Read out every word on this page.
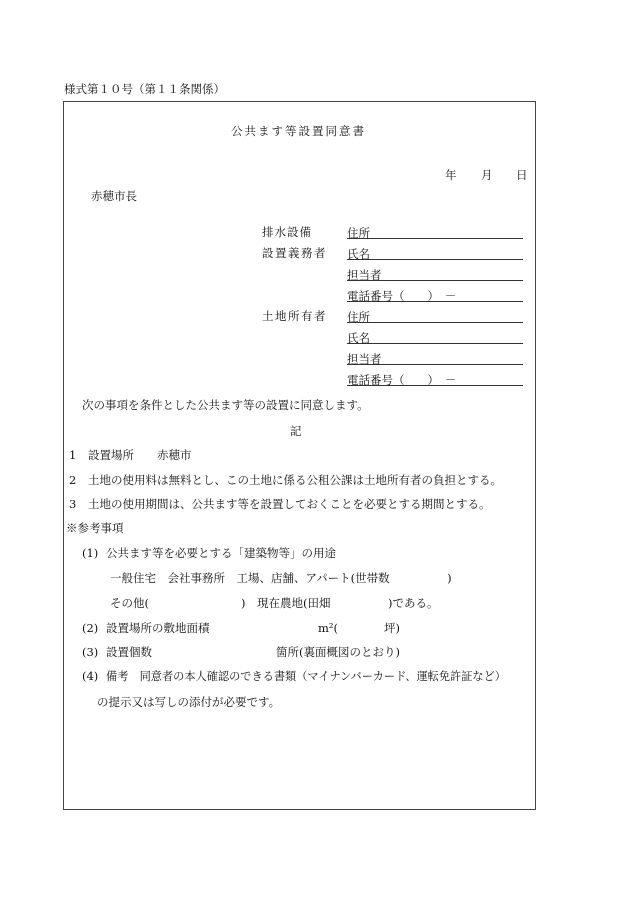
様式第１０号（第１１条関係）
公共ます等設置同意書
年 月 日
赤穂市長
排水設備
設置義務者
住所
氏名
担当者
電話番号（　　）　－
土地所有者 住所
氏名
担当者
電話番号（　　）　－
次の事項を条件とした公共ます等の設置に同意します。
記
1 設置場所　　赤穂市
2 土地の使用料は無料とし、この土地に係る公租公課は土地所有者の負担とする。
3 土地の使用期間は、公共ます等を設置しておくことを必要とする期間とする。
※参考事項
(1) 公共ます等を必要とする「建築物等」の用途
一般住宅　会社事務所　工場、店舗、アパート(世帯数　　　　　)
その他(　　　　　　　　)　現在農地(田畑　　　　　)である。
(2) 設置場所の敷地面積	m²(　　　　坪)
(3) 設置個数	箇所(裏面概図のとおり)
(4) 備考　同意者の本人確認のできる書類（マイナンバーカード、運転免許証など）
の提示又は写しの添付が必要です。
